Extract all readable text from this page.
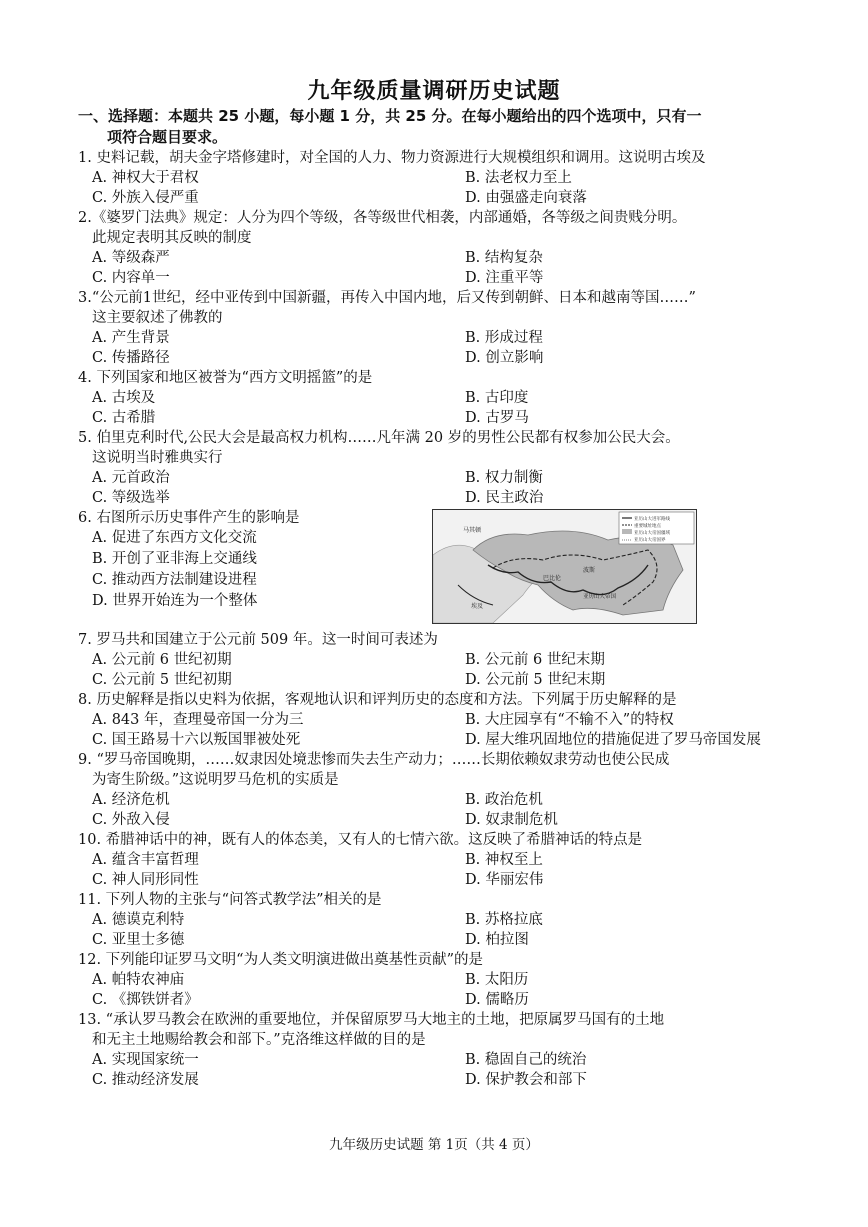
九年级质量调研历史试题
一、选择题：本题共 25 小题，每小题 1 分，共 25 分。在每小题给出的四个选项中，只有一
项符合题目要求。
1. 史料记载，胡夫金字塔修建时，对全国的人力、物力资源进行大规模组织和调用。这说明古埃及
A. 神权大于君权	B. 法老权力至上
C. 外族入侵严重	D. 由强盛走向衰落
2.《婆罗门法典》规定：人分为四个等级，各等级世代相袭，内部通婚，各等级之间贵贱分明。
此规定表明其反映的制度
A. 等级森严	B. 结构复杂
C. 内容单一	D. 注重平等
3.“公元前1世纪，经中亚传到中国新疆，再传入中国内地，后又传到朝鲜、日本和越南等国……”
这主要叙述了佛教的
A. 产生背景	B. 形成过程
C. 传播路径	D. 创立影响
4. 下列国家和地区被誉为“西方文明摇篮”的是
A. 古埃及	B. 古印度
C. 古希腊	D. 古罗马
5. 伯里克利时代,公民大会是最高权力机构……凡年满 20 岁的男性公民都有权参加公民大会。
这说明当时雅典实行
A. 元首政治	B. 权力制衡
C. 等级选举	D. 民主政治
6. 右图所示历史事件产生的影响是
A. 促进了东西方文化交流
B. 开创了亚非海上交通线
C. 推动西方法制建设进程
D. 世界开始连为一个整体
亚历山大进军路线
重要城址地点
亚历山大帝国疆域
亚历山大帝国界
马其顿
波斯
巴比伦
埃及
亚历山大帝国
7. 罗马共和国建立于公元前 509 年。这一时间可表述为
A. 公元前 6 世纪初期	B. 公元前 6 世纪末期
C. 公元前 5 世纪初期	D. 公元前 5 世纪末期
8. 历史解释是指以史料为依据，客观地认识和评判历史的态度和方法。下列属于历史解释的是
A. 843 年，查理曼帝国一分为三	B. 大庄园享有“不输不入”的特权
C. 国王路易十六以叛国罪被处死	D. 屋大维巩固地位的措施促进了罗马帝国发展
9. “罗马帝国晚期，……奴隶因处境悲惨而失去生产动力；……长期依赖奴隶劳动也使公民成
为寄生阶级。”这说明罗马危机的实质是
A. 经济危机	B. 政治危机
C. 外敌入侵	D. 奴隶制危机
10. 希腊神话中的神，既有人的体态美，又有人的七情六欲。这反映了希腊神话的特点是
A. 蕴含丰富哲理	B. 神权至上
C. 神人同形同性	D. 华丽宏伟
11. 下列人物的主张与“问答式教学法”相关的是
A. 德谟克利特	B. 苏格拉底
C. 亚里士多德	D. 柏拉图
12. 下列能印证罗马文明“为人类文明演进做出奠基性贡献”的是
A. 帕特农神庙	B. 太阳历
C. 《掷铁饼者》	D. 儒略历
13. “承认罗马教会在欧洲的重要地位，并保留原罗马大地主的土地，把原属罗马国有的土地
和无主土地赐给教会和部下。”克洛维这样做的目的是
A. 实现国家统一	B. 稳固自己的统治
C. 推动经济发展	D. 保护教会和部下
九年级历史试题 第 1页（共 4 页）
